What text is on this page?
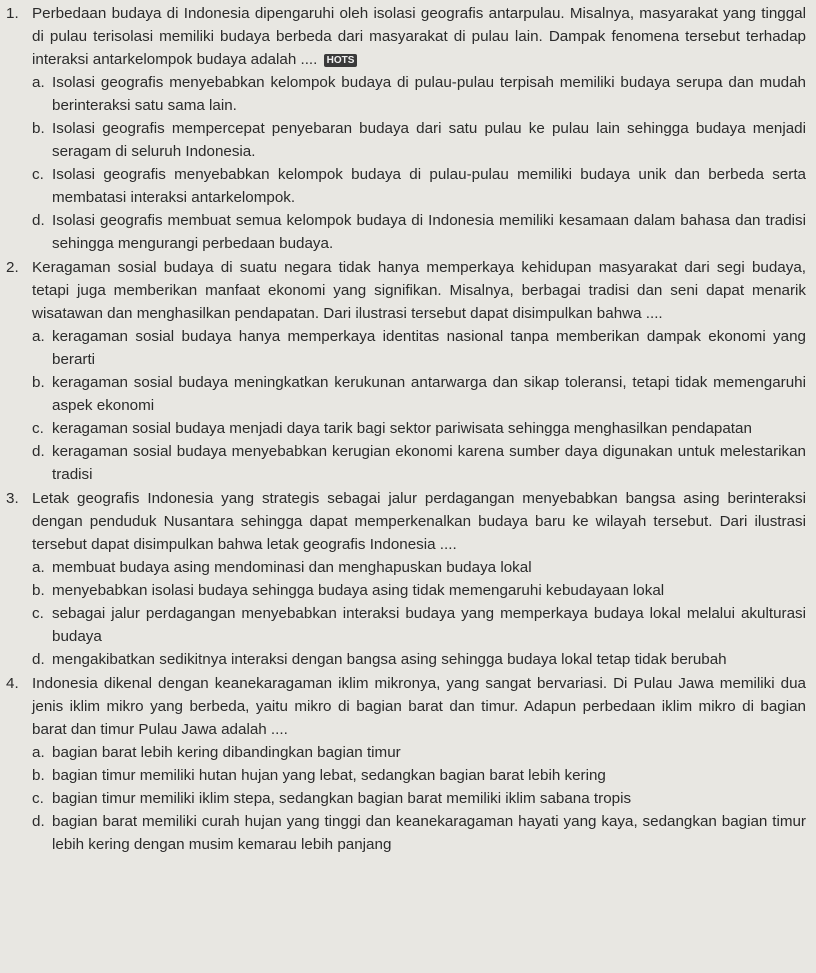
1. Perbedaan budaya di Indonesia dipengaruhi oleh isolasi geografis antarpulau. Misalnya, masyarakat yang tinggal di pulau terisolasi memiliki budaya berbeda dari masyarakat di pulau lain. Dampak fenomena tersebut terhadap interaksi antarkelompok budaya adalah .... HOTS
a. Isolasi geografis menyebabkan kelompok budaya di pulau-pulau terpisah memiliki budaya serupa dan mudah berinteraksi satu sama lain.
b. Isolasi geografis mempercepat penyebaran budaya dari satu pulau ke pulau lain sehingga budaya menjadi seragam di seluruh Indonesia.
c. Isolasi geografis menyebabkan kelompok budaya di pulau-pulau memiliki budaya unik dan berbeda serta membatasi interaksi antarkelompok.
d. Isolasi geografis membuat semua kelompok budaya di Indonesia memiliki kesamaan dalam bahasa dan tradisi sehingga mengurangi perbedaan budaya.
2. Keragaman sosial budaya di suatu negara tidak hanya memperkaya kehidupan masyarakat dari segi budaya, tetapi juga memberikan manfaat ekonomi yang signifikan. Misalnya, berbagai tradisi dan seni dapat menarik wisatawan dan menghasilkan pendapatan. Dari ilustrasi tersebut dapat disimpulkan bahwa ....
a. keragaman sosial budaya hanya memperkaya identitas nasional tanpa memberikan dampak ekonomi yang berarti
b. keragaman sosial budaya meningkatkan kerukunan antarwarga dan sikap toleransi, tetapi tidak memengaruhi aspek ekonomi
c. keragaman sosial budaya menjadi daya tarik bagi sektor pariwisata sehingga menghasilkan pendapatan
d. keragaman sosial budaya menyebabkan kerugian ekonomi karena sumber daya digunakan untuk melestarikan tradisi
3. Letak geografis Indonesia yang strategis sebagai jalur perdagangan menyebabkan bangsa asing berinteraksi dengan penduduk Nusantara sehingga dapat memperkenalkan budaya baru ke wilayah tersebut. Dari ilustrasi tersebut dapat disimpulkan bahwa letak geografis Indonesia ....
a. membuat budaya asing mendominasi dan menghapuskan budaya lokal
b. menyebabkan isolasi budaya sehingga budaya asing tidak memengaruhi kebudayaan lokal
c. sebagai jalur perdagangan menyebabkan interaksi budaya yang memperkaya budaya lokal melalui akulturasi budaya
d. mengakibatkan sedikitnya interaksi dengan bangsa asing sehingga budaya lokal tetap tidak berubah
4. Indonesia dikenal dengan keanekaragaman iklim mikronya, yang sangat bervariasi. Di Pulau Jawa memiliki dua jenis iklim mikro yang berbeda, yaitu mikro di bagian barat dan timur. Adapun perbedaan iklim mikro di bagian barat dan timur Pulau Jawa adalah ....
a. bagian barat lebih kering dibandingkan bagian timur
b. bagian timur memiliki hutan hujan yang lebat, sedangkan bagian barat lebih kering
c. bagian timur memiliki iklim stepa, sedangkan bagian barat memiliki iklim sabana tropis
d. bagian barat memiliki curah hujan yang tinggi dan keanekaragaman hayati yang kaya, sedangkan bagian timur lebih kering dengan musim kemarau lebih panjang
